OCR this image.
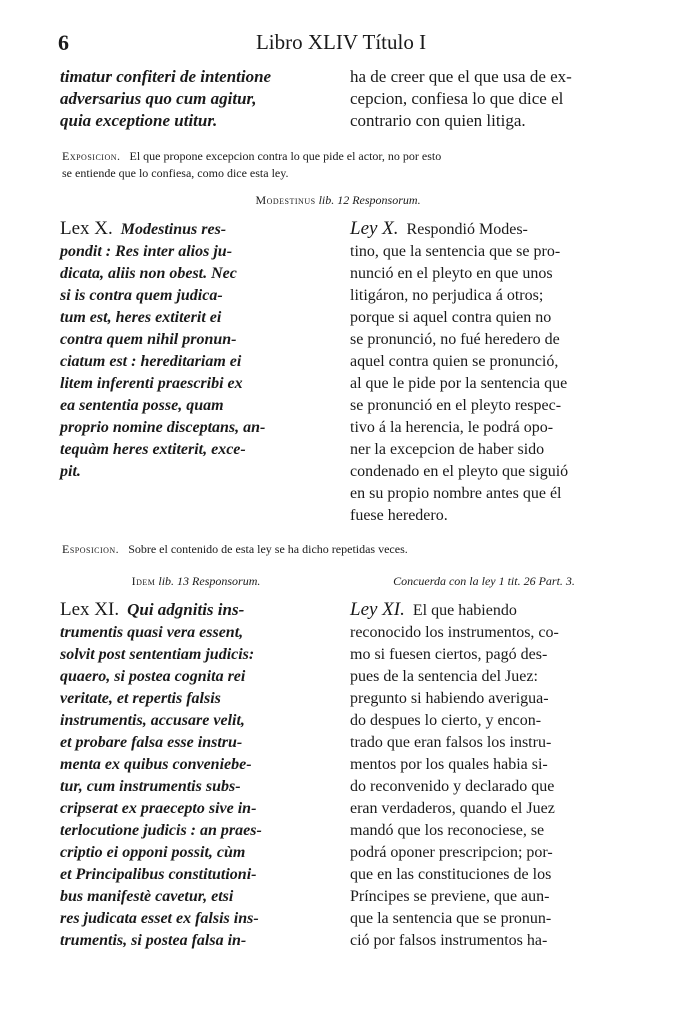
6	Libro XLIV Título I
timatur confiteri de intentione
adversarius quo cum agitur,
quia exceptione utitur.
ha de creer que el que usa de ex-
cepcion, confiesa lo que dice el
contrario con quien litiga.
Exposicion. El que propone excepcion contra lo que pide el actor, no por esto
se entiende que lo confiesa, como dice esta ley.
Modestinus lib. 12 Responsorum.
Lex X. Modestinus res-
pondit : Res inter alios ju-
dicata, aliis non obest. Nec
si is contra quem judica-
tum est, heres extiterit ei
contra quem nihil pronun-
ciatum est : hereditariam ei
litem inferenti praescribi ex
ea sententia posse, quam
proprio nomine disceptans, an-
tequàm heres extiterit, exce-
pit.
Ley X. Respondió Modes-
tino, que la sentencia que se pro-
nunció en el pleyto en que unos
litigáron, no perjudica á otros;
porque si aquel contra quien no
se pronunció, no fué heredero de
aquel contra quien se pronunció,
al que le pide por la sentencia que
se pronunció en el pleyto respec-
tivo á la herencia, le podrá opo-
ner la excepcion de haber sido
condenado en el pleyto que siguió
en su propio nombre antes que él
fuese heredero.
Esposicion. Sobre el contenido de esta ley se ha dicho repetidas veces.
Idem lib. 13 Responsorum.	Concuerda con la ley 1 tit. 26 Part. 3.
Lex XI. Qui adgnitis ins-
trumentis quasi vera essent,
solvit post sententiam judicis:
quaero, si postea cognita rei
veritate, et repertis falsis
instrumentis, accusare velit,
et probare falsa esse instru-
menta ex quibus conveniebe-
tur, cum instrumentis subs-
cripserat ex praecepto sive in-
terlocutione judicis : an praes-
criptio ei opponi possit, cùm
et Principalibus constitutioni-
bus manifestè cavetur, etsi
res judicata esset ex falsis ins-
trumentis, si postea falsa in-
Ley XI. El que habiendo
reconocido los instrumentos, co-
mo si fuesen ciertos, pagó des-
pues de la sentencia del Juez:
pregunto si habiendo averigua-
do despues lo cierto, y encon-
trado que eran falsos los instru-
mentos por los quales habia si-
do reconvenido y declarado que
eran verdaderos, quando el Juez
mandó que los reconociese, se
podrá oponer prescripcion; por-
que en las constituciones de los
Príncipes se previene, que aun-
que la sentencia que se pronun-
ció por falsos instrumentos ha-
